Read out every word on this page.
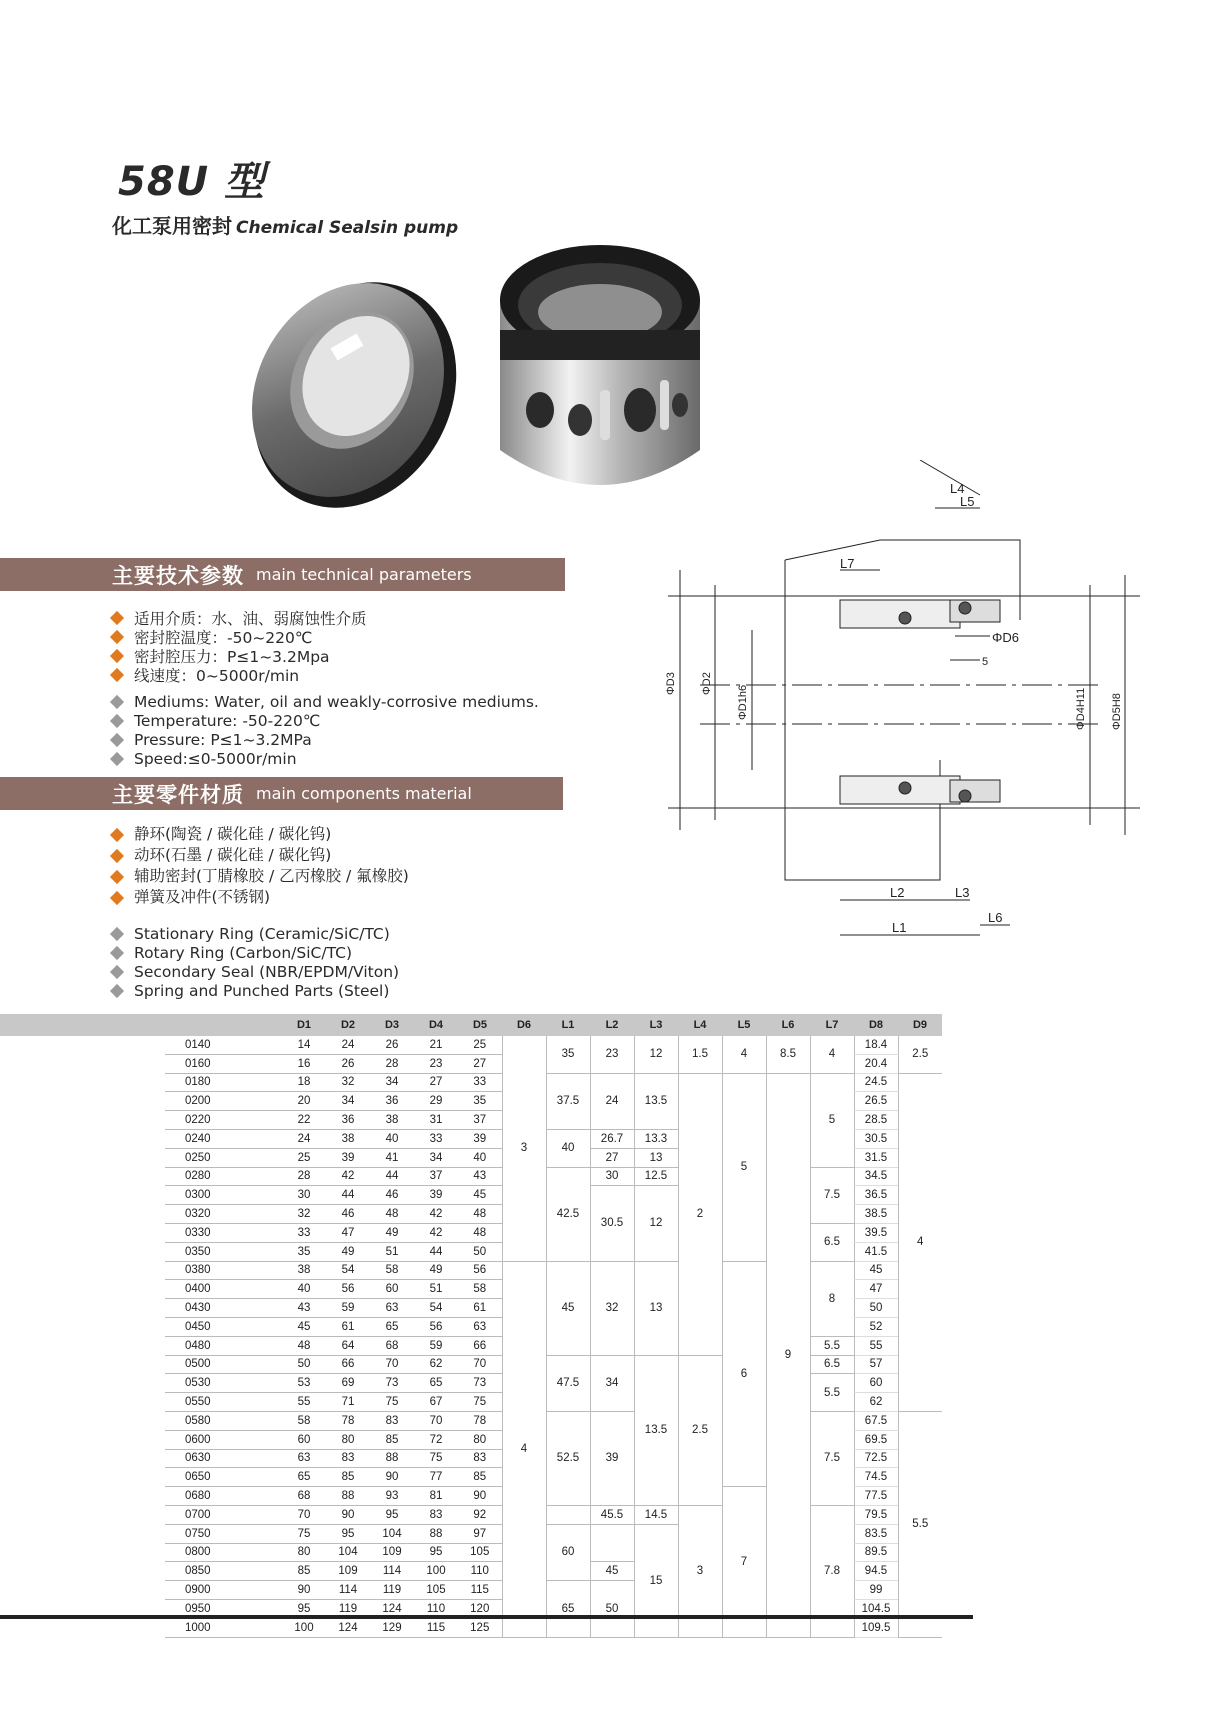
58U 型
化工泵用密封 Chemical Sealsin pump
主要技术参数 main technical parameters
适用介质：水、油、弱腐蚀性介质
密封腔温度：-50~220℃
密封腔压力：P≤1~3.2Mpa
线速度：0~5000r/min
Mediums: Water, oil and weakly-corrosive mediums.
Temperature: -50-220℃
Pressure: P≤1~3.2MPa
Speed:≤0-5000r/min
主要零件材质 main components material
静环(陶瓷 / 碳化硅 / 碳化钨)
动环(石墨 / 碳化硅 / 碳化钨)
辅助密封(丁腈橡胶 / 乙丙橡胶 / 氟橡胶)
弹簧及冲件(不锈钢)
Stationary Ring (Ceramic/SiC/TC)
Rotary Ring (Carbon/SiC/TC)
Secondary Seal (NBR/EPDM/Viton)
Spring and Punched Parts (Steel)
L4
L5
L7
ΦD6
5
L2	L3
L1
L6
ΦD3 ΦD2
ΦD1h6	ΦD4H11 ΦD5H8
		D1	D2	D3	D4	D5	D6	L1	L2	L3	L4	L5	L6	L7	D8	D9
	0140	14	24	26	21	25	3	35	23	12	1.5	4	8.5	4	18.4	2.5
	0160	16	26	28	23	27									20.4	
	0180	18	32	34	27	33		37.5	24	13.5	2	5	9	5	24.5	4
	0200	20	34	36	29	35									26.5	
	0220	22	36	38	31	37									28.5	
	0240	24	38	40	33	39		40	26.7	13.3					30.5	
	0250	25	39	41	34	40			27	13					31.5	
	0280	28	42	44	37	43		42.5	30	12.5				7.5	34.5	
	0300	30	44	46	39	45			30.5	12					36.5	
	0320	32	46	48	42	48									38.5	
	0330	33	47	49	42	48								6.5	39.5	
	0350	35	49	51	44	50									41.5	
	0380	38	54	58	49	56	4	45	32	13		6		8	45	
	0400	40	56	60	51	58									47	
	0430	43	59	63	54	61									50	
	0450	45	61	65	56	63									52	
	0480	48	64	68	59	66								5.5	55	
	0500	50	66	70	62	70		47.5	34	13.5	2.5			6.5	57	
	0530	53	69	73	65	73								5.5	60	
	0550	55	71	75	67	75									62	
	0580	58	78	83	70	78		52.5	39					7.5	67.5	5.5
	0600	60	80	85	72	80									69.5	
	0630	63	83	88	75	83									72.5	
	0650	65	85	90	77	85									74.5	
	0680	68	88	93	81	90						7			77.5	
	0700	70	90	95	83	92			45.5	14.5	3			7.8	79.5	
	0750	75	95	104	88	97		60		15					83.5	
	0800	80	104	109	95	105									89.5	
	0850	85	109	114	100	110			45						94.5	
	0900	90	114	119	105	115		65	50						99	
	0950	95	119	124	110	120									104.5	
	1000	100	124	129	115	125									109.5	
